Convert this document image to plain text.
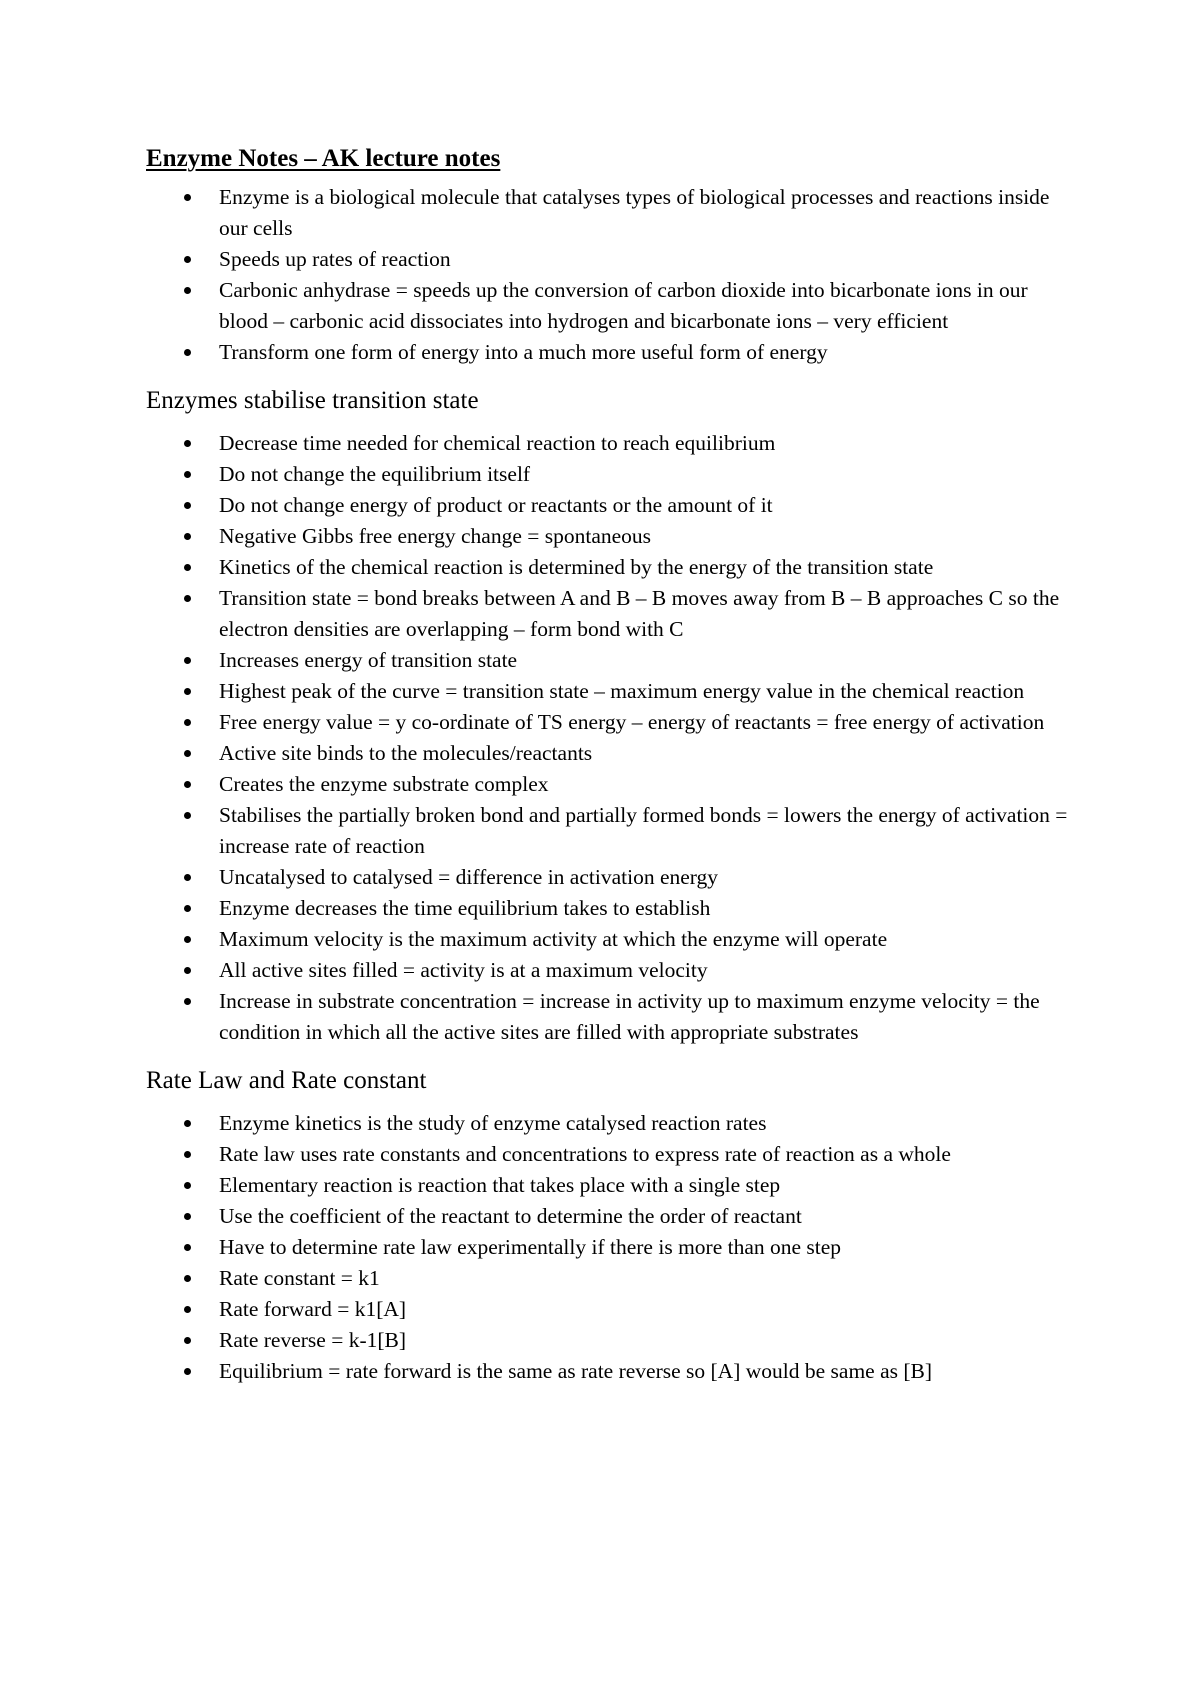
Enzyme Notes – AK lecture notes
Enzyme is a biological molecule that catalyses types of biological processes and reactions inside our cells
Speeds up rates of reaction
Carbonic anhydrase = speeds up the conversion of carbon dioxide into bicarbonate ions in our blood – carbonic acid dissociates into hydrogen and bicarbonate ions – very efficient
Transform one form of energy into a much more useful form of energy
Enzymes stabilise transition state
Decrease time needed for chemical reaction to reach equilibrium
Do not change the equilibrium itself
Do not change energy of product or reactants or the amount of it
Negative Gibbs free energy change = spontaneous
Kinetics of the chemical reaction is determined by the energy of the transition state
Transition state = bond breaks between A and B – B moves away from B – B approaches C so the electron densities are overlapping – form bond with C
Increases energy of transition state
Highest peak of the curve = transition state – maximum energy value in the chemical reaction
Free energy value = y co-ordinate of TS energy – energy of reactants = free energy of activation
Active site binds to the molecules/reactants
Creates the enzyme substrate complex
Stabilises the partially broken bond and partially formed bonds = lowers the energy of activation = increase rate of reaction
Uncatalysed to catalysed = difference in activation energy
Enzyme decreases the time equilibrium takes to establish
Maximum velocity is the maximum activity at which the enzyme will operate
All active sites filled = activity is at a maximum velocity
Increase in substrate concentration = increase in activity up to maximum enzyme velocity = the condition in which all the active sites are filled with appropriate substrates
Rate Law and Rate constant
Enzyme kinetics is the study of enzyme catalysed reaction rates
Rate law uses rate constants and concentrations to express rate of reaction as a whole
Elementary reaction is reaction that takes place with a single step
Use the coefficient of the reactant to determine the order of reactant
Have to determine rate law experimentally if there is more than one step
Rate constant = k1
Rate forward = k1[A]
Rate reverse = k-1[B]
Equilibrium = rate forward is the same as rate reverse so [A] would be same as [B]
